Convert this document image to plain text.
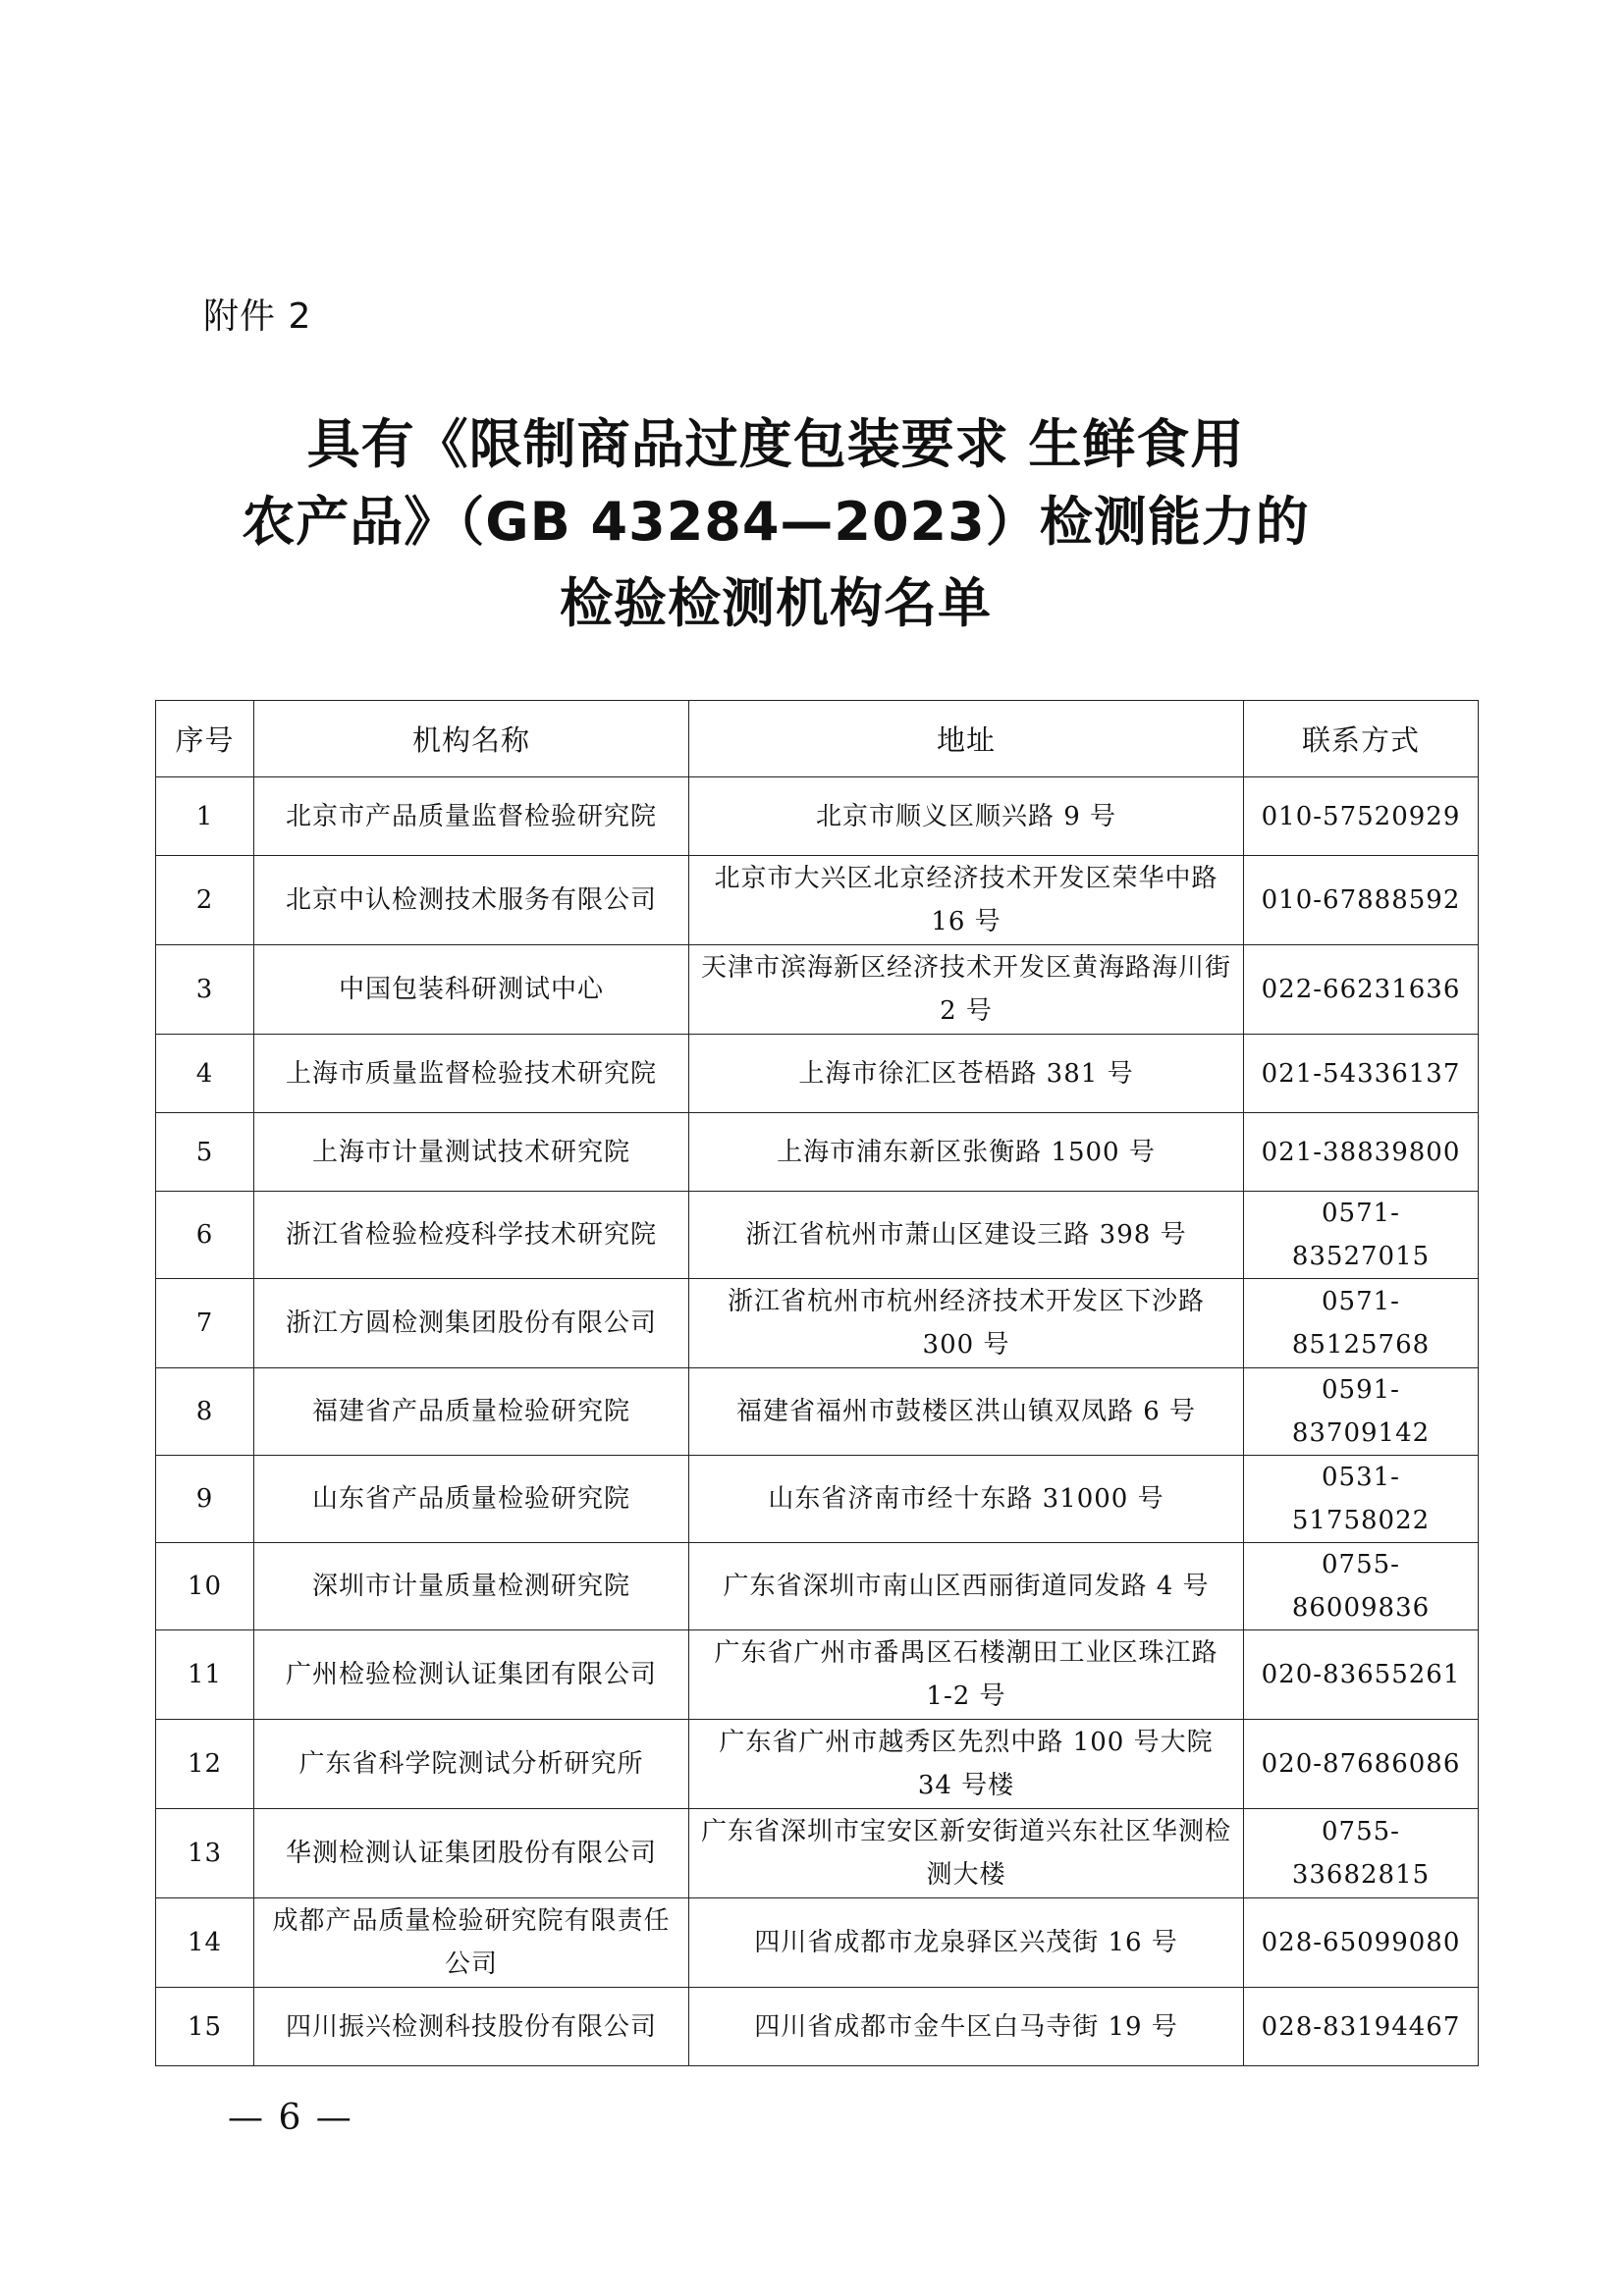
附件 2
具有《限制商品过度包装要求 生鲜食用
农产品》（GB 43284—2023）检测能力的
检验检测机构名单
序号	机构名称	地址	联系方式
1	北京市产品质量监督检验研究院	北京市顺义区顺兴路 9 号	010-57520929
2	北京中认检测技术服务有限公司	北京市大兴区北京经济技术开发区荣华中路 16 号	010-67888592
3	中国包装科研测试中心	天津市滨海新区经济技术开发区黄海路海川街 2 号	022-66231636
4	上海市质量监督检验技术研究院	上海市徐汇区苍梧路 381 号	021-54336137
5	上海市计量测试技术研究院	上海市浦东新区张衡路 1500 号	021-38839800
6	浙江省检验检疫科学技术研究院	浙江省杭州市萧山区建设三路 398 号	0571-83527015
7	浙江方圆检测集团股份有限公司	浙江省杭州市杭州经济技术开发区下沙路 300 号	0571-85125768
8	福建省产品质量检验研究院	福建省福州市鼓楼区洪山镇双凤路 6 号	0591-83709142
9	山东省产品质量检验研究院	山东省济南市经十东路 31000 号	0531-51758022
10	深圳市计量质量检测研究院	广东省深圳市南山区西丽街道同发路 4 号	0755-86009836
11	广州检验检测认证集团有限公司	广东省广州市番禺区石楼潮田工业区珠江路 1-2 号	020-83655261
12	广东省科学院测试分析研究所	广东省广州市越秀区先烈中路 100 号大院 34 号楼	020-87686086
13	华测检测认证集团股份有限公司	广东省深圳市宝安区新安街道兴东社区华测检测大楼	0755-33682815
14	成都产品质量检验研究院有限责任公司	四川省成都市龙泉驿区兴茂街 16 号	028-65099080
15	四川振兴检测科技股份有限公司	四川省成都市金牛区白马寺街 19 号	028-83194467
— 6 —
